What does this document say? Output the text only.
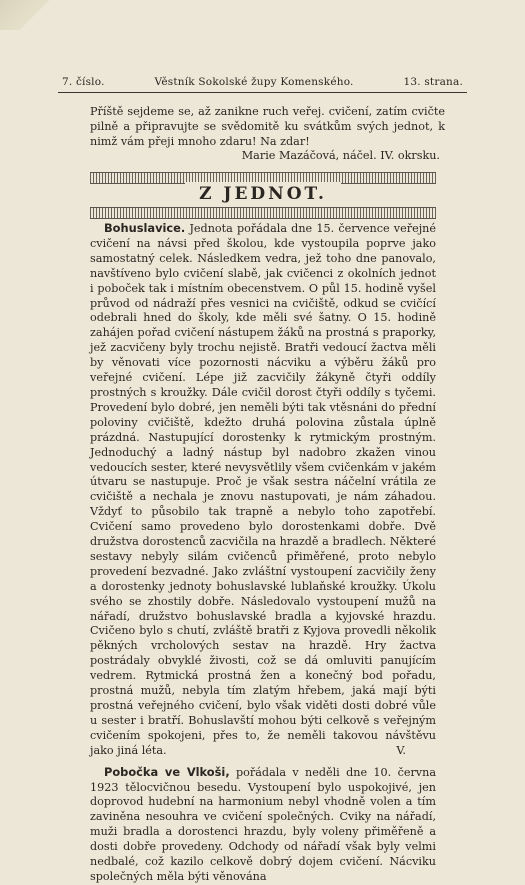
7. číslo.	Věstník Sokolské župy Komenského.	13. strana.
Příště sejdeme se, až zanikne ruch veřej. cvičení, zatím cvičte pilně a připravujte se svědomitě ku svátkům svých jednot, k nimž vám přeji mnoho zdaru! Na zdar!
Marie Mazáčová, náčel. IV. okrsku.
Z JEDNOT.

Bohuslavice. Jednota pořádala dne 15. července veřejné cvičení na návsi před školou, kde vystoupila poprve jako samostatný celek. Následkem vedra, jež toho dne panovalo, navštíveno bylo cvičení slabě, jak cvičenci z okolních jednot i poboček tak i místním obecenstvem. O půl 15. hodině vyšel průvod od nádraží přes vesnici na cvičiště, odkud se cvičící odebrali hned do školy, kde měli své šatny. O 15. hodině zahájen pořad cvičení nástupem žáků na prostná s praporky, jež zacvičeny byly trochu nejistě. Bratři vedoucí žactva měli by věnovati více pozornosti nácviku a výběru žáků pro veřejné cvičení. Lépe již zacvičily žákyně čtyři oddíly prostných s kroužky. Dále cvičil dorost čtyři oddíly s tyčemi. Provedení bylo dobré, jen neměli býti tak vtěsnáni do přední poloviny cvičiště, kdežto druhá polovina zůstala úplně prázdná. Nastupující dorostenky k rytmickým prostným. Jednoduchý a ladný nástup byl nadobro zkažen vinou vedoucích sester, které nevysvětlily všem cvičenkám v jakém útvaru se nastupuje. Proč je však sestra náčelní vrátila ze cvičiště a nechala je znovu nastupovati, je nám záhadou. Vždyť to působilo tak trapně a nebylo toho zapotřebí. Cvičení samo provedeno bylo dorostenkami dobře. Dvě družstva dorostenců zacvičila na hrazdě a bradlech. Některé sestavy nebyly silám cvičenců přiměřené, proto nebylo provedení bezvadné. Jako zvláštní vystoupení zacvičily ženy a dorostenky jednoty bohuslavské lublaňské kroužky. Úkolu svého se zhostily dobře. Následovalo vystoupení mužů na nářadí, družstvo bohuslavské bradla a kyjovské hrazdu. Cvičeno bylo s chutí, zvláště bratři z Kyjova provedli několik pěkných vrcholových sestav na hrazdě. Hry žactva postrádaly obvyklé živosti, což se dá omluviti panujícím vedrem. Rytmická prostná žen a konečný bod pořadu, prostná mužů, nebyla tím zlatým hřebem, jaká mají býti prostná veřejného cvičení, bylo však viděti dosti dobré vůle u sester i bratří. Bohuslavští mohou býti celkově s veřejným cvičením spokojeni, přes to, že neměli takovou návštěvu jako jiná léta.	V.

Pobočka ve Vlkoši, pořádala v neděli dne 10. června 1923 tělocvičnou besedu. Vystoupení bylo uspokojivé, jen doprovod hudební na harmonium nebyl vhodně volen a tím zaviněna nesouhra ve cvičení společných. Cviky na nářadí, muži bradla a dorostenci hrazdu, byly voleny přiměřeně a dosti dobře provedeny. Odchody od nářadí však byly velmi nedbalé, což kazilo celkově dobrý dojem cvičení. Nácviku společných měla býti věnována
